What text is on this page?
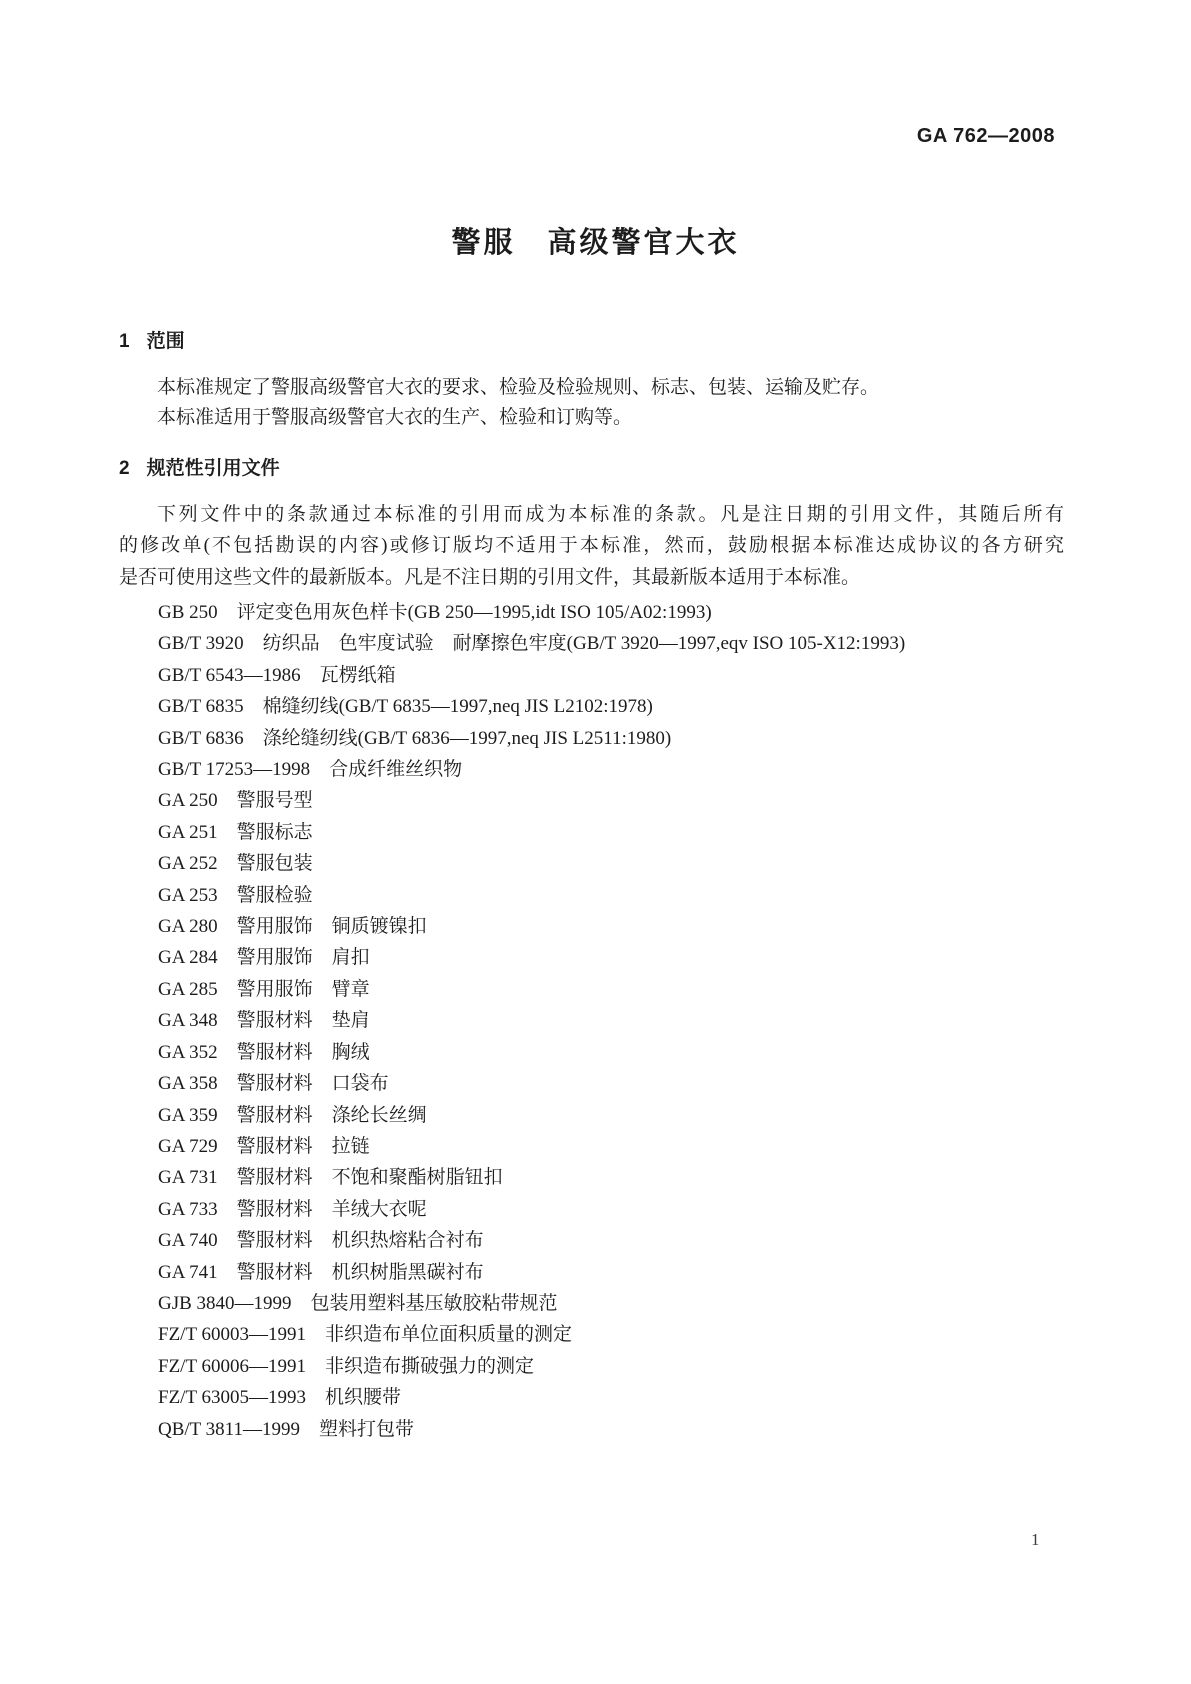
GA 762—2008
警服　高级警官大衣
1 范围
本标准规定了警服高级警官大衣的要求、检验及检验规则、标志、包装、运输及贮存。
本标准适用于警服高级警官大衣的生产、检验和订购等。
2 规范性引用文件
下列文件中的条款通过本标准的引用而成为本标准的条款。凡是注日期的引用文件，其随后所有
的修改单(不包括勘误的内容)或修订版均不适用于本标准，然而，鼓励根据本标准达成协议的各方研究
是否可使用这些文件的最新版本。凡是不注日期的引用文件，其最新版本适用于本标准。
GB 250　评定变色用灰色样卡(GB 250—1995,idt ISO 105/A02:1993)
GB/T 3920　纺织品　色牢度试验　耐摩擦色牢度(GB/T 3920—1997,eqv ISO 105-X12:1993)
GB/T 6543—1986　瓦楞纸箱
GB/T 6835　棉缝纫线(GB/T 6835—1997,neq JIS L2102:1978)
GB/T 6836　涤纶缝纫线(GB/T 6836—1997,neq JIS L2511:1980)
GB/T 17253—1998　合成纤维丝织物
GA 250　警服号型
GA 251　警服标志
GA 252　警服包装
GA 253　警服检验
GA 280　警用服饰　铜质镀镍扣
GA 284　警用服饰　肩扣
GA 285　警用服饰　臂章
GA 348　警服材料　垫肩
GA 352　警服材料　胸绒
GA 358　警服材料　口袋布
GA 359　警服材料　涤纶长丝绸
GA 729　警服材料　拉链
GA 731　警服材料　不饱和聚酯树脂钮扣
GA 733　警服材料　羊绒大衣呢
GA 740　警服材料　机织热熔粘合衬布
GA 741　警服材料　机织树脂黑碳衬布
GJB 3840—1999　包装用塑料基压敏胶粘带规范
FZ/T 60003—1991　非织造布单位面积质量的测定
FZ/T 60006—1991　非织造布撕破强力的测定
FZ/T 63005—1993　机织腰带
QB/T 3811—1999　塑料打包带
1
